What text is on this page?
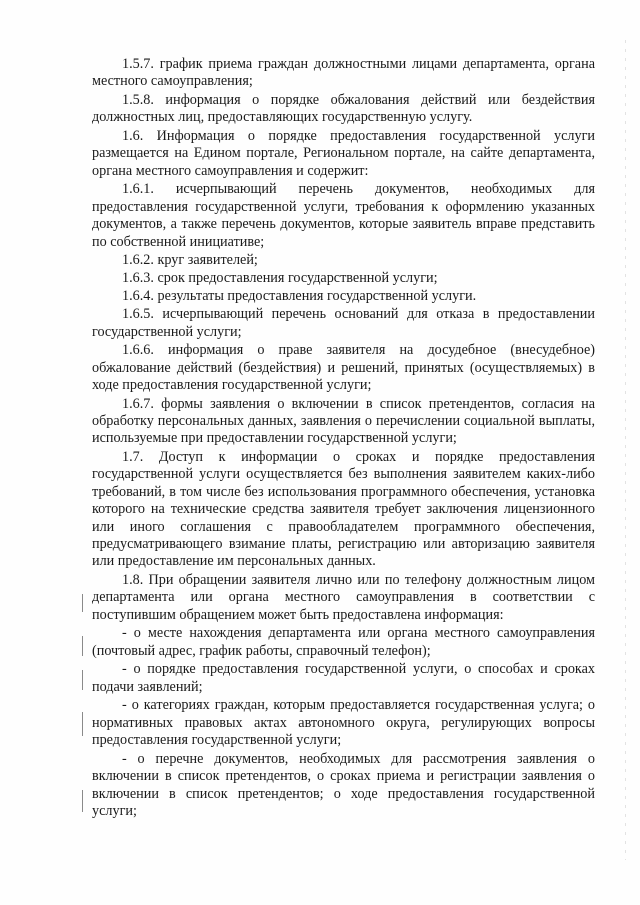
1.5.7. график приема граждан должностными лицами департамента, органа местного самоуправления;

1.5.8. информация о порядке обжалования действий или бездействия должностных лиц, предоставляющих государственную услугу.

1.6. Информация о порядке предоставления государственной услуги размещается на Едином портале, Региональном портале, на сайте департамента, органа местного самоуправления и содержит:

1.6.1. исчерпывающий перечень документов, необходимых для предоставления государственной услуги, требования к оформлению указанных документов, а также перечень документов, которые заявитель вправе представить по собственной инициативе;

1.6.2. круг заявителей;

1.6.3. срок предоставления государственной услуги;

1.6.4. результаты предоставления государственной услуги.

1.6.5. исчерпывающий перечень оснований для отказа в предоставлении государственной услуги;

1.6.6. информация о праве заявителя на досудебное (внесудебное) обжалование действий (бездействия) и решений, принятых (осуществляемых) в ходе предоставления государственной услуги;

1.6.7. формы заявления о включении в список претендентов, согласия на обработку персональных данных, заявления о перечислении социальной выплаты, используемые при предоставлении государственной услуги;

1.7. Доступ к информации о сроках и порядке предоставления государственной услуги осуществляется без выполнения заявителем каких-либо требований, в том числе без использования программного обеспечения, установка которого на технические средства заявителя требует заключения лицензионного или иного соглашения с правообладателем программного обеспечения, предусматривающего взимание платы, регистрацию или авторизацию заявителя или предоставление им персональных данных.

1.8. При обращении заявителя лично или по телефону должностным лицом департамента или органа местного самоуправления в соответствии с поступившим обращением может быть предоставлена информация:

- о месте нахождения департамента или органа местного самоуправления (почтовый адрес, график работы, справочный телефон);

- о порядке предоставления государственной услуги, о способах и сроках подачи заявлений;

- о категориях граждан, которым предоставляется государственная услуга; о нормативных правовых актах автономного округа, регулирующих вопросы предоставления государственной услуги;

- о перечне документов, необходимых для рассмотрения заявления о включении в список претендентов, о сроках приема и регистрации заявления о включении в список претендентов; о ходе предоставления государственной услуги;
